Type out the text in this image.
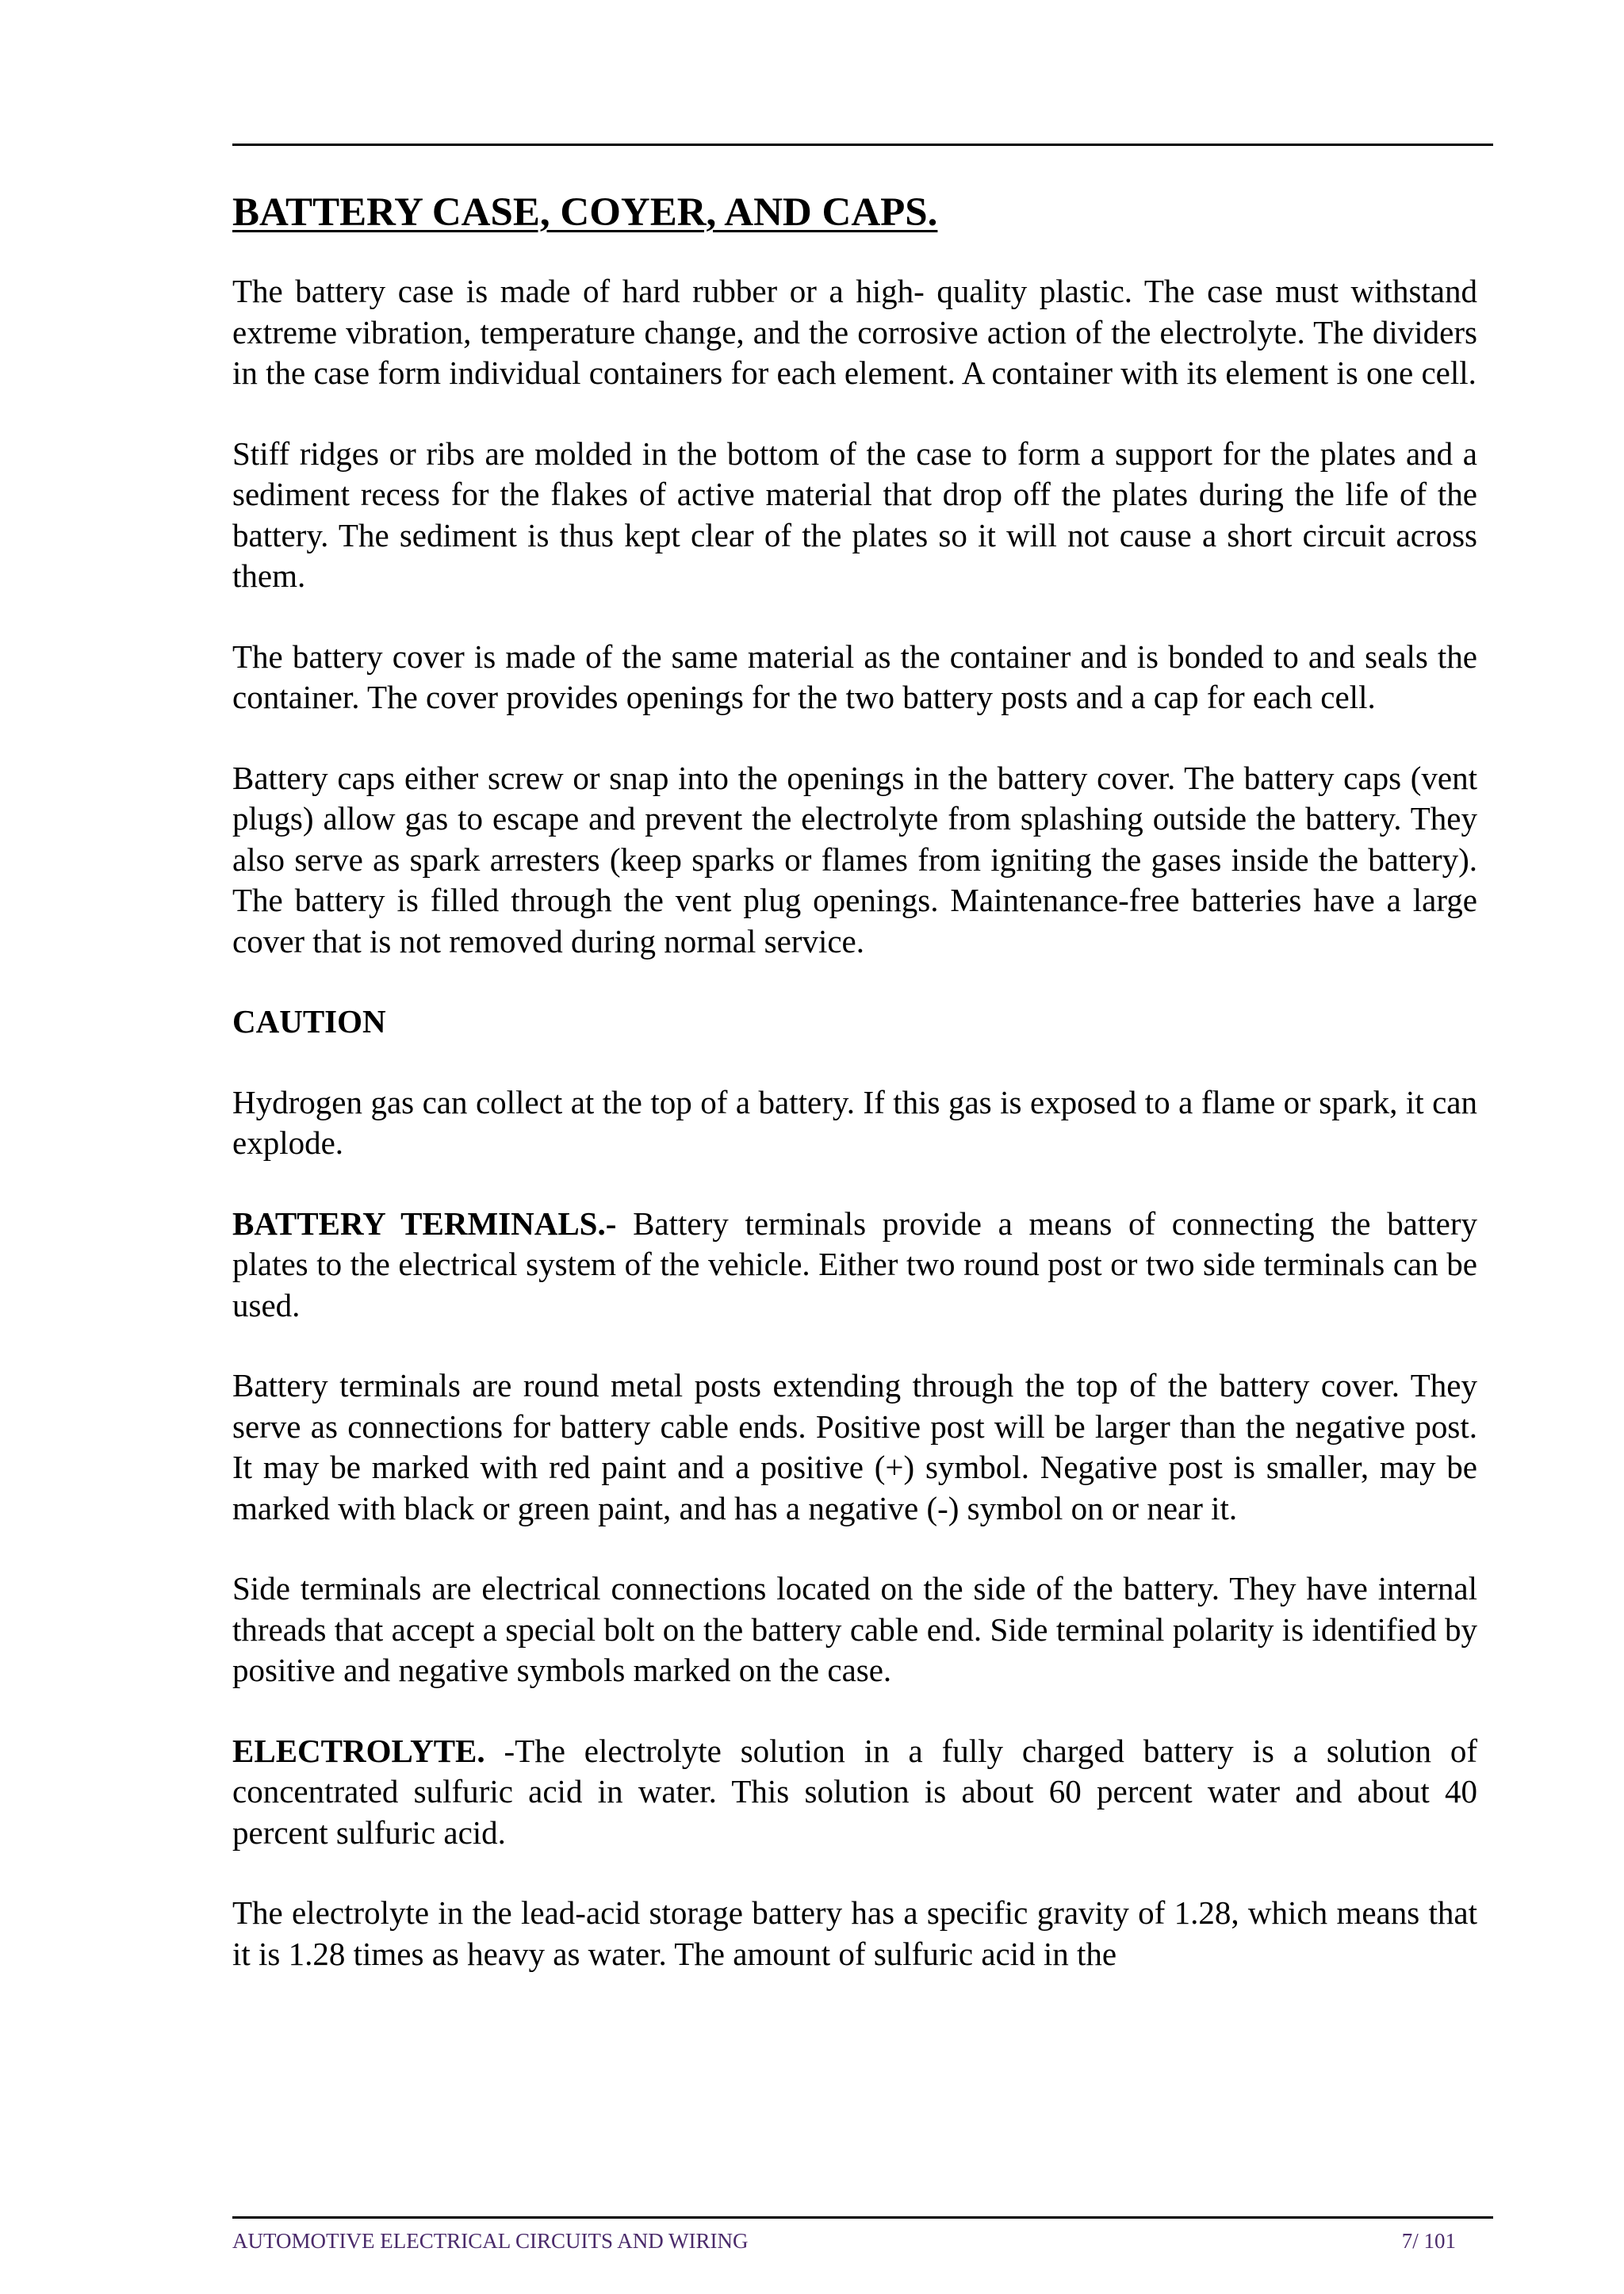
BATTERY CASE, COYER, AND CAPS.

The battery case is made of hard rubber or a high- quality plastic. The case must withstand extreme vibration, temperature change, and the corrosive action of the electrolyte. The dividers in the case form individual containers for each element. A container with its element is one cell.

Stiff ridges or ribs are molded in the bottom of the case to form a support for the plates and a sediment recess for the flakes of active material that drop off the plates during the life of the battery. The sediment is thus kept clear of the plates so it will not cause a short circuit across them.

The battery cover is made of the same material as the container and is bonded to and seals the container. The cover provides openings for the two battery posts and a cap for each cell.

Battery caps either screw or snap into the openings in the battery cover. The battery caps (vent plugs) allow gas to escape and prevent the electrolyte from splashing outside the battery. They also serve as spark arresters (keep sparks or flames from igniting the gases inside the battery). The battery is filled through the vent plug openings. Maintenance-free batteries have a large cover that is not removed during normal service.

CAUTION

Hydrogen gas can collect at the top of a battery. If this gas is exposed to a flame or spark, it can explode.

BATTERY TERMINALS.- Battery terminals provide a means of connecting the battery plates to the electrical system of the vehicle. Either two round post or two side terminals can be used.

Battery terminals are round metal posts extending through the top of the battery cover. They serve as connections for battery cable ends. Positive post will be larger than the negative post. It may be marked with red paint and a positive (+) symbol. Negative post is smaller, may be marked with black or green paint, and has a negative (-) symbol on or near it.

Side terminals are electrical connections located on the side of the battery. They have internal threads that accept a special bolt on the battery cable end. Side terminal polarity is identified by positive and negative symbols marked on the case.

ELECTROLYTE. -The electrolyte solution in a fully charged battery is a solution of concentrated sulfuric acid in water. This solution is about 60 percent water and about 40 percent sulfuric acid.

The electrolyte in the lead-acid storage battery has a specific gravity of 1.28, which means that it is 1.28 times as heavy as water. The amount of sulfuric acid in the

AUTOMOTIVE ELECTRICAL CIRCUITS AND WIRING	7/ 101
